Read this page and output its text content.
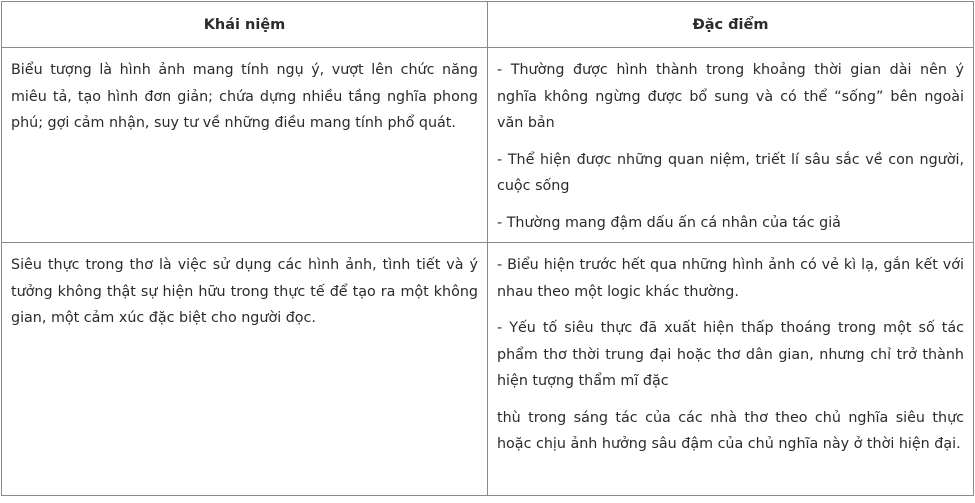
Khái niệm	Đặc điểm
Biểu tượng là hình ảnh mang tính ngụ ý, vượt lên chức năng miêu tả, tạo hình đơn giản; chứa dựng nhiều tầng nghĩa phong phú; gợi cảm nhận, suy tư về những điều mang tính phổ quát.	- Thường được hình thành trong khoảng thời gian dài nên ý nghĩa không ngừng được bổ sung và có thể “sống” bên ngoài văn bản

- Thể hiện được những quan niệm, triết lí sâu sắc về con người, cuộc sống

- Thường mang đậm dấu ấn cá nhân của tác giả

Siêu thực trong thơ là việc sử dụng các hình ảnh, tình tiết và ý tưởng không thật sự hiện hữu trong thực tế để tạo ra một không gian, một cảm xúc đặc biệt cho người đọc.	- Biểu hiện trước hết qua những hình ảnh có vẻ kì lạ, gắn kết với nhau theo một logic khác thường.

- Yếu tố siêu thực đã xuất hiện thấp thoáng trong một số tác phẩm thơ thời trung đại hoặc thơ dân gian, nhưng chỉ trở thành hiện tượng thẩm mĩ đặc

thù trong sáng tác của các nhà thơ theo chủ nghĩa siêu thực hoặc chịu ảnh hưởng sâu đậm của chủ nghĩa này ở thời hiện đại.
